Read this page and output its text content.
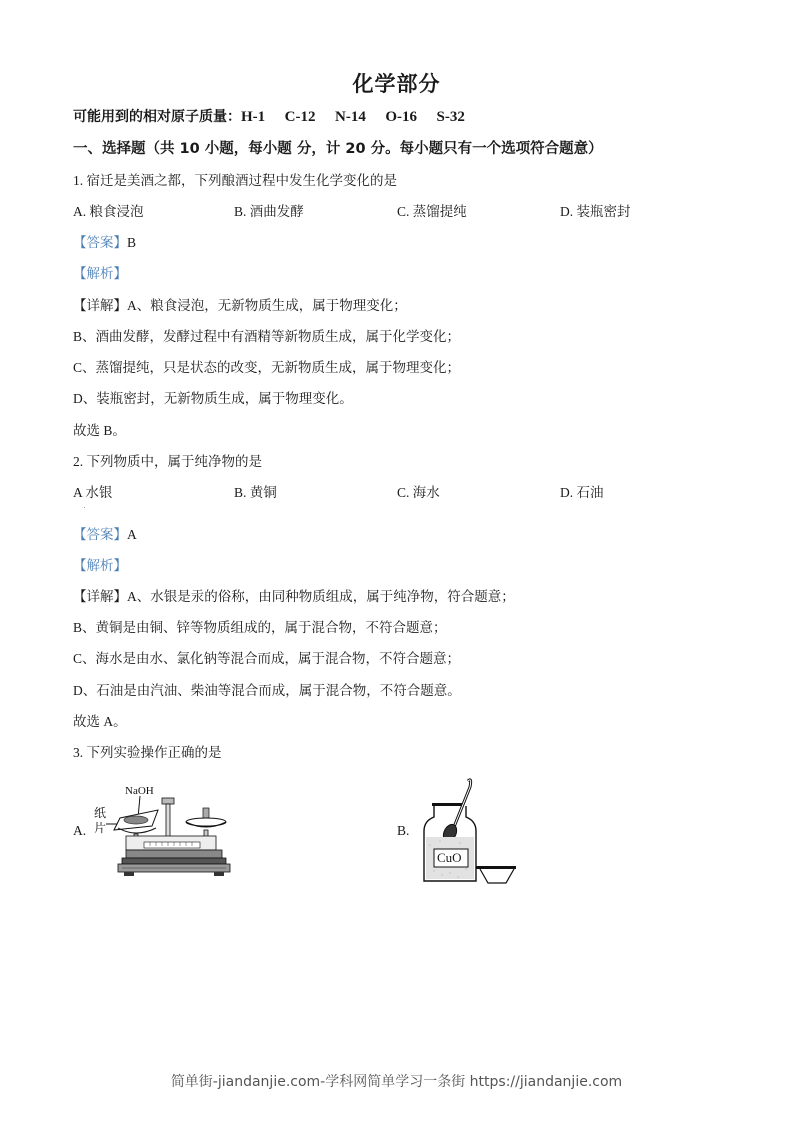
化学部分
可能用到的相对原子质量：H-1 C-12 N-14 O-16 S-32
一、选择题（共 10 小题，每小题 分，计 20 分。每小题只有一个选项符合题意）
1. 宿迁是美酒之都，下列酿酒过程中发生化学变化的是
A. 粮食浸泡	B. 酒曲发酵	C. 蒸馏提纯	D. 装瓶密封
【答案】B
【解析】
【详解】A、粮食浸泡，无新物质生成，属于物理变化；
B、酒曲发酵，发酵过程中有酒精等新物质生成，属于化学变化；
C、蒸馏提纯，只是状态的改变，无新物质生成，属于物理变化；
D、装瓶密封，无新物质生成，属于物理变化。
故选 B。
2. 下列物质中，属于纯净物的是
A 水银	B. 黄铜	C. 海水	D. 石油
【答案】A
【解析】
【详解】A、水银是汞的俗称，由同种物质组成，属于纯净物，符合题意；
B、黄铜是由铜、锌等物质组成的，属于混合物，不符合题意；
C、海水是由水、氯化钠等混合而成，属于混合物，不符合题意；
D、石油是由汽油、柴油等混合而成，属于混合物，不符合题意。
故选 A。
3. 下列实验操作正确的是
A.
NaOH
纸
片	B.
CuO
简单街-jiandanjie.com-学科网简单学习一条街 https://jiandanjie.com
